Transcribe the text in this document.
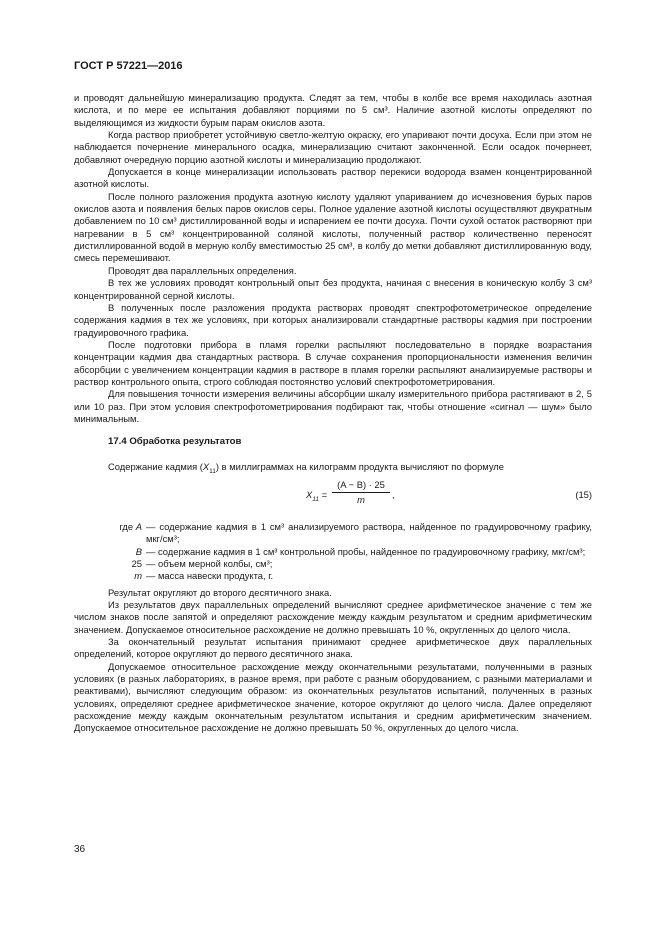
ГОСТ Р 57221—2016

и проводят дальнейшую минерализацию продукта. Следят за тем, чтобы в колбе все время находилась азотная кислота, и по мере ее испытания добавляют порциями по 5 см³. Наличие азотной кислоты определяют по выделяющимся из жидкости бурым парам окислов азота.

Когда раствор приобретет устойчивую светло-желтую окраску, его упаривают почти досуха. Если при этом не наблюдается почернение минерального осадка, минерализацию считают законченной. Если осадок почернеет, добавляют очередную порцию азотной кислоты и минерализацию продолжают.

Допускается в конце минерализации использовать раствор перекиси водорода взамен концентрированной азотной кислоты.

После полного разложения продукта азотную кислоту удаляют упариванием до исчезновения бурых паров окислов азота и появления белых паров окислов серы. Полное удаление азотной кислоты осуществляют двукратным добавлением по 10 см³ дистиллированной воды и испарением ее почти досуха. Почти сухой остаток растворяют при нагревании в 5 см³ концентрированной соляной кислоты, полученный раствор количественно переносят дистиллированной водой в мерную колбу вместимостью 25 см³, в колбу до метки добавляют дистиллированную воду, смесь перемешивают.

Проводят два параллельных определения.

В тех же условиях проводят контрольный опыт без продукта, начиная с внесения в коническую колбу 3 см³ концентрированной серной кислоты.

В полученных после разложения продукта растворах проводят спектрофотометрическое определение содержания кадмия в тех же условиях, при которых анализировали стандартные растворы кадмия при построении градуировочного графика.

После подготовки прибора в пламя горелки распыляют последовательно в порядке возрастания концентрации кадмия два стандартных раствора. В случае сохранения пропорциональности изменения величин абсорбции с увеличением концентрации кадмия в растворе в пламя горелки распыляют анализируемые растворы и раствор контрольного опыта, строго соблюдая постоянство условий спектрофотометрирования.

Для повышения точности измерения величины абсорбции шкалу измерительного прибора растягивают в 2, 5 или 10 раз. При этом условия спектрофотометрирования подбирают так, чтобы отношение «сигнал — шум» было минимальным.

17.4 Обработка результатов

Содержание кадмия $(X_{11})$ в миллиграммах на килограмм продукта вычисляют по формуле

$X_{11} = \frac{(A - B) \cdot 25}{m}$ ,	(15)
где A — содержание кадмия в 1 см³ анализируемого раствора, найденное по градуировочному графику, мкг/см³;
B — содержание кадмия в 1 см³ контрольной пробы, найденное по градуировочному графику, мкг/см³;
25 — объем мерной колбы, см³;
m — масса навески продукта, г.

Результат округляют до второго десятичного знака.

Из результатов двух параллельных определений вычисляют среднее арифметическое значение с тем же числом знаков после запятой и определяют расхождение между каждым результатом и средним арифметическим значением. Допускаемое относительное расхождение не должно превышать 10 %, округленных до целого числа.

За окончательный результат испытания принимают среднее арифметическое двух параллельных определений, которое округляют до первого десятичного знака.

Допускаемое относительное расхождение между окончательными результатами, полученными в разных условиях (в разных лабораториях, в разное время, при работе с разным оборудованием, с разными материалами и реактивами), вычисляют следующим образом: из окончательных результатов испытаний, полученных в разных условиях, определяют среднее арифметическое значение, которое округляют до целого числа. Далее определяют расхождение между каждым окончательным результатом испытания и средним арифметическим значением. Допускаемое относительное расхождение не должно превышать 50 %, округленных до целого числа.

36
